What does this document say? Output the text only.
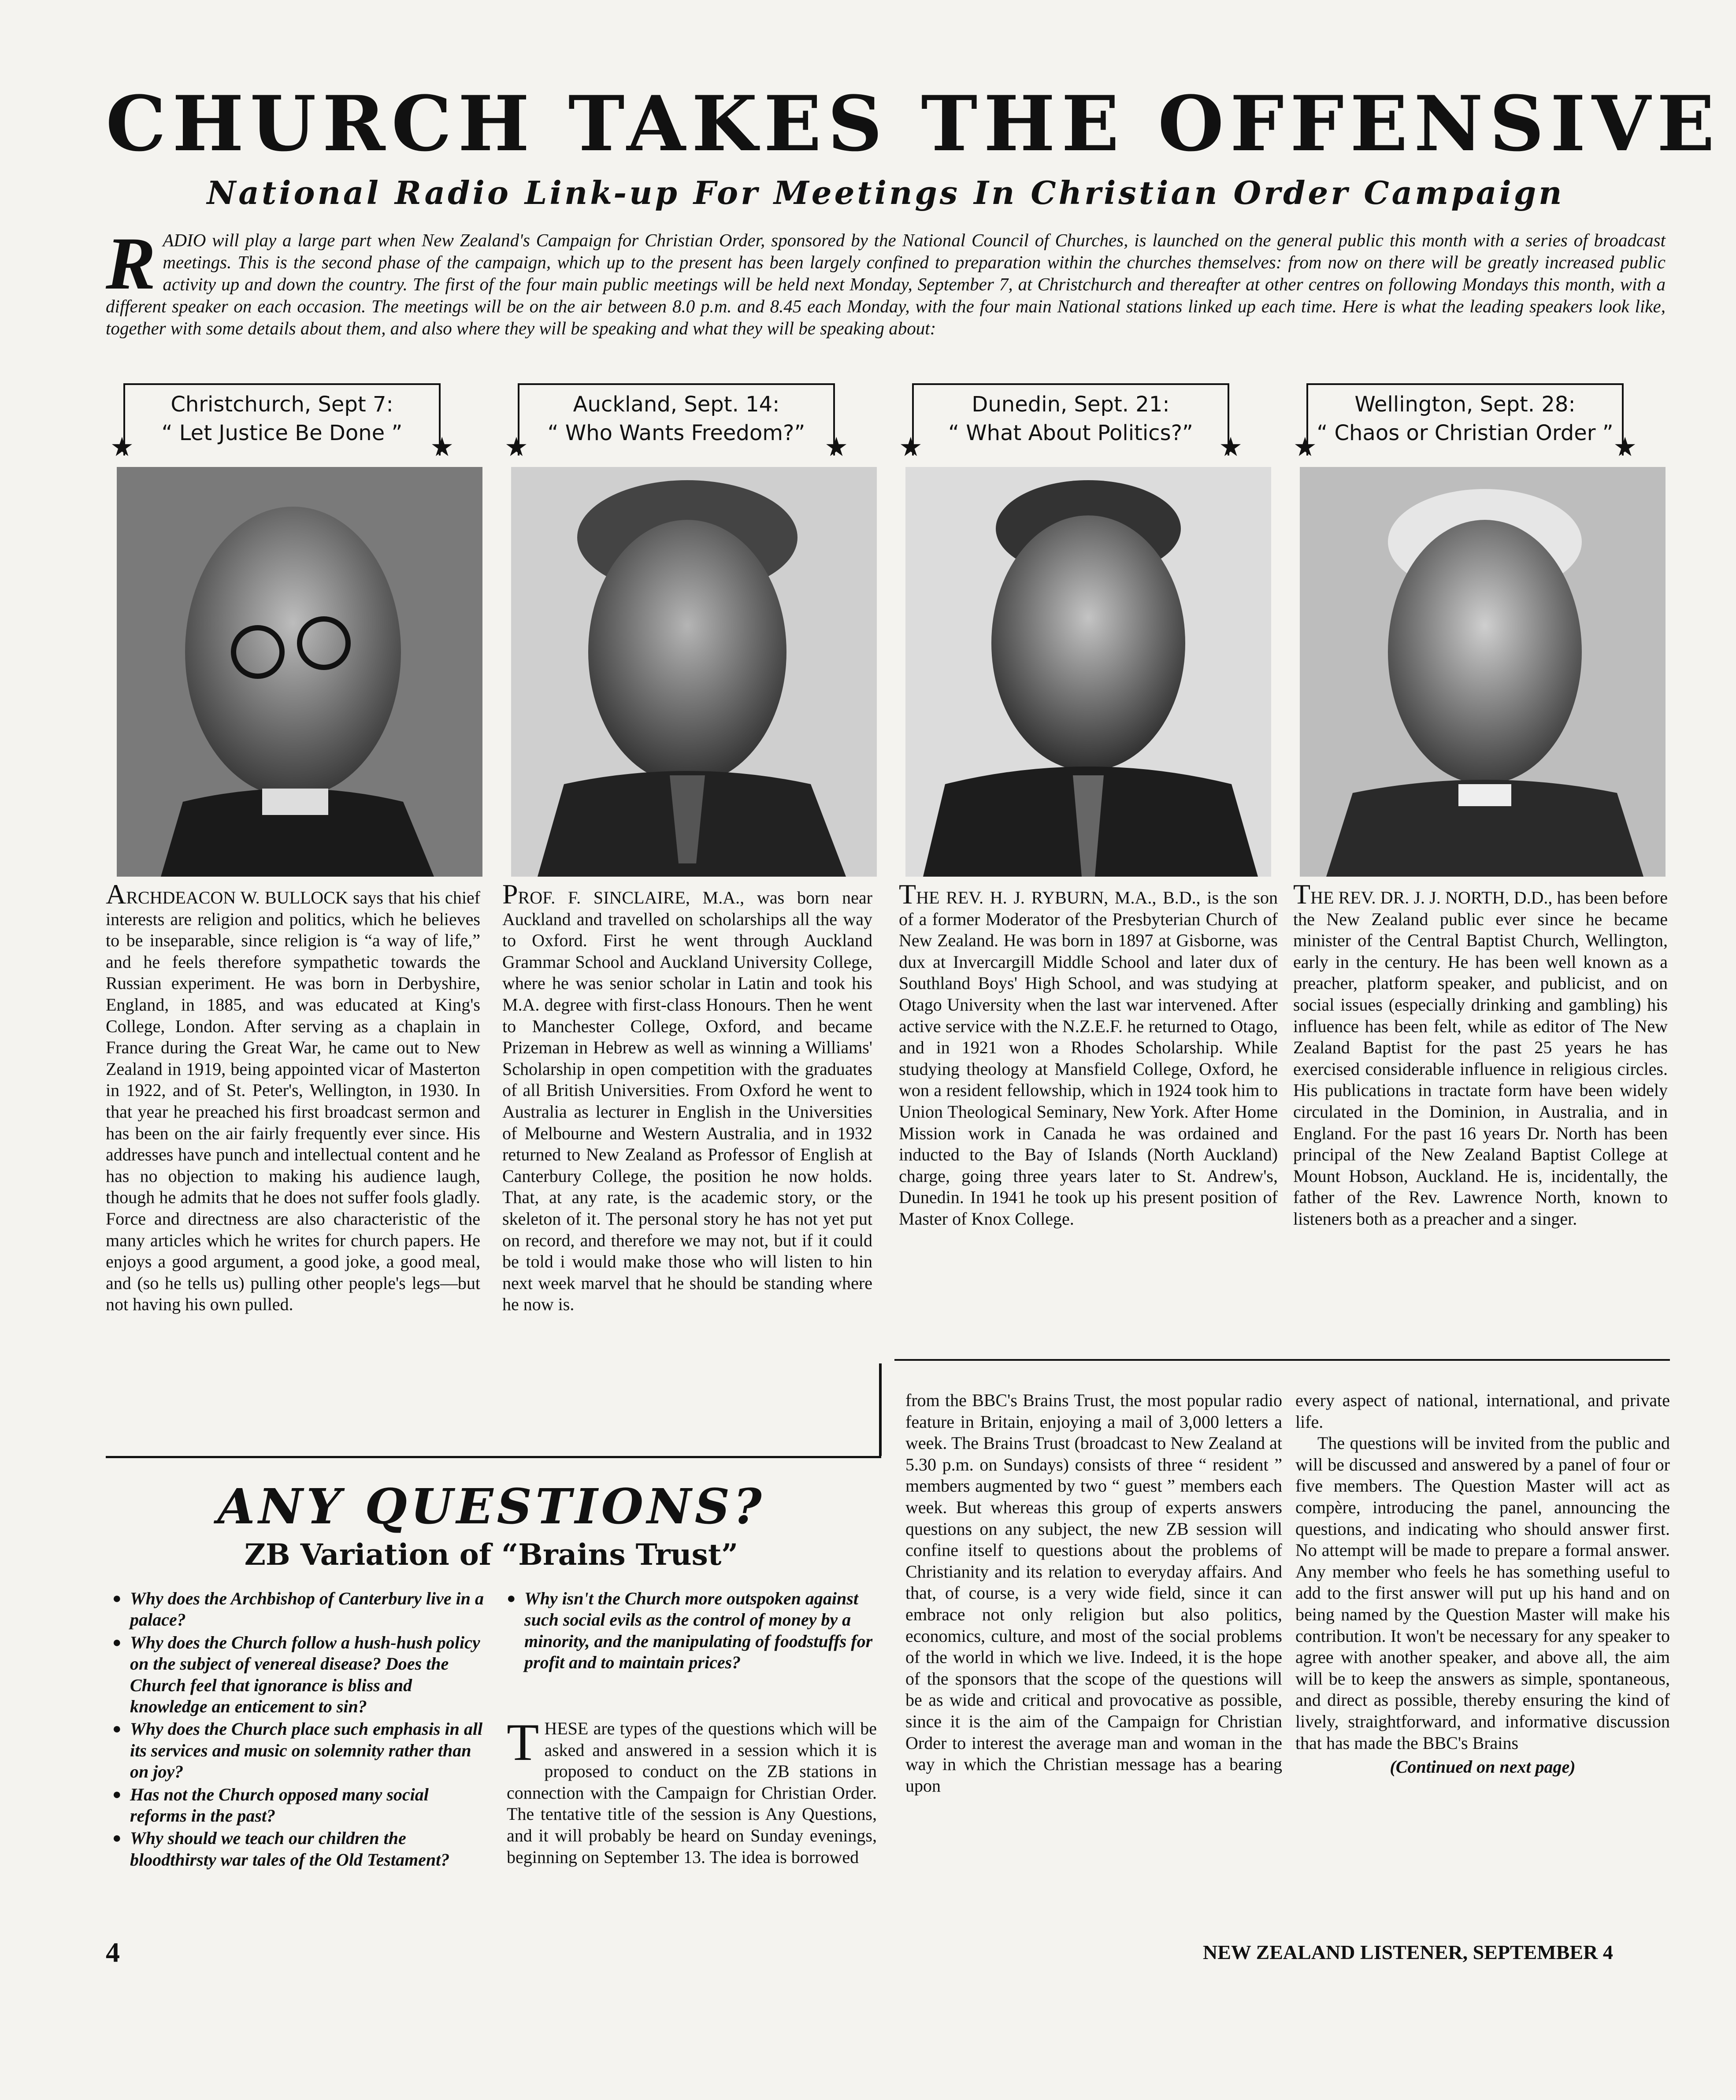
CHURCH TAKES THE OFFENSIVE
National Radio Link-up For Meetings In Christian Order Campaign
R ADIO will play a large part when New Zealand's Campaign for Christian Order, sponsored by the National Council of Churches, is launched on the general public this month with a series of broadcast meetings. This is the second phase of the campaign, which up to the present has been largely confined to preparation within the churches themselves: from now on there will be greatly increased public activity up and down the country. The first of the four main public meetings will be held next Monday, September 7, at Christchurch and thereafter at other centres on following Mondays this month, with a different speaker on each occasion. The meetings will be on the air between 8.0 p.m. and 8.45 each Monday, with the four main National stations linked up each time. Here is what the leading speakers look like, together with some details about them, and also where they will be speaking and what they will be speaking about:
Christchurch, Sept 7:
“ Let Justice Be Done ”
★	★
Auckland, Sept. 14:
“ Who Wants Freedom?”
★	★
Dunedin, Sept. 21:
“ What About Politics?”
★	★
Wellington, Sept. 28:
“ Chaos or Christian Order ”
★	★
ARCHDEACON W. BULLOCK says that his chief interests are religion and politics, which he believes to be inseparable, since religion is “a way of life,” and he feels therefore sympathetic towards the Russian experiment. He was born in Derbyshire, England, in 1885, and was educated at King's College, London. After serving as a chaplain in France during the Great War, he came out to New Zealand in 1919, being appointed vicar of Masterton in 1922, and of St. Peter's, Wellington, in 1930. In that year he preached his first broadcast sermon and has been on the air fairly frequently ever since. His addresses have punch and intellectual content and he has no objection to making his audience laugh, though he admits that he does not suffer fools gladly. Force and directness are also characteristic of the many articles which he writes for church papers. He enjoys a good argument, a good joke, a good meal, and (so he tells us) pulling other people's legs—but not having his own pulled.
PROF. F. SINCLAIRE, M.A., was born near Auckland and travelled on scholarships all the way to Oxford. First he went through Auckland Grammar School and Auckland University College, where he was senior scholar in Latin and took his M.A. degree with first-class Honours. Then he went to Manchester College, Oxford, and became Prizeman in Hebrew as well as winning a Williams' Scholarship in open competition with the graduates of all British Universities. From Oxford he went to Australia as lecturer in English in the Universities of Melbourne and Western Australia, and in 1932 returned to New Zealand as Professor of English at Canterbury College, the position he now holds. That, at any rate, is the academic story, or the skeleton of it. The personal story he has not yet put on record, and therefore we may not, but if it could be told i would make those who will listen to hin next week marvel that he should be standing where he now is.
THE REV. H. J. RYBURN, M.A., B.D., is the son of a former Moderator of the Presbyterian Church of New Zealand. He was born in 1897 at Gisborne, was dux at Invercargill Middle School and later dux of Southland Boys' High School, and was studying at Otago University when the last war intervened. After active service with the N.Z.E.F. he returned to Otago, and in 1921 won a Rhodes Scholarship. While studying theology at Mansfield College, Oxford, he won a resident fellowship, which in 1924 took him to Union Theological Seminary, New York. After Home Mission work in Canada he was ordained and inducted to the Bay of Islands (North Auckland) charge, going three years later to St. Andrew's, Dunedin. In 1941 he took up his present position of Master of Knox College.
THE REV. DR. J. J. NORTH, D.D., has been before the New Zealand public ever since he became minister of the Central Baptist Church, Wellington, early in the century. He has been well known as a preacher, platform speaker, and publicist, and on social issues (especially drinking and gambling) his influence has been felt, while as editor of The New Zealand Baptist for the past 25 years he has exercised considerable influence in religious circles. His publications in tractate form have been widely circulated in the Dominion, in Australia, and in England. For the past 16 years Dr. North has been principal of the New Zealand Baptist College at Mount Hobson, Auckland. He is, incidentally, the father of the Rev. Lawrence North, known to listeners both as a preacher and a singer.
ANY QUESTIONS?
ZB Variation of “Brains Trust”
● Why does the Archbishop of Canterbury live in a palace?
● Why does the Church follow a hush-hush policy on the subject of venereal disease? Does the Church feel that ignorance is bliss and knowledge an enticement to sin?
● Why does the Church place such emphasis in all its services and music on solemnity rather than on joy?
● Has not the Church opposed many social reforms in the past?
● Why should we teach our children the bloodthirsty war tales of the Old Testament?
● Why isn't the Church more outspoken against such social evils as the control of money by a minority, and the manipulating of foodstuffs for profit and to maintain prices?
THESE are types of the questions which will be asked and answered in a session which it is proposed to conduct on the ZB stations in connection with the Campaign for Christian Order. The tentative title of the session is Any Questions, and it will probably be heard on Sunday evenings, beginning on September 13. The idea is borrowed
from the BBC's Brains Trust, the most popular radio feature in Britain, enjoying a mail of 3,000 letters a week. The Brains Trust (broadcast to New Zealand at 5.30 p.m. on Sundays) consists of three “ resident ” members augmented by two “ guest ” members each week. But whereas this group of experts answers questions on any subject, the new ZB session will confine itself to questions about the problems of Christianity and its relation to everyday affairs. And that, of course, is a very wide field, since it can embrace not only religion but also politics, economics, culture, and most of the social problems of the world in which we live. Indeed, it is the hope of the sponsors that the scope of the questions will be as wide and critical and provocative as possible, since it is the aim of the Campaign for Christian Order to interest the average man and woman in the way in which the Christian message has a bearing upon
every aspect of national, international, and private life.
The questions will be invited from the public and will be discussed and answered by a panel of four or five members. The Question Master will act as compère, introducing the panel, announcing the questions, and indicating who should answer first. No attempt will be made to prepare a formal answer. Any member who feels he has something useful to add to the first answer will put up his hand and on being named by the Question Master will make his contribution. It won't be necessary for any speaker to agree with another speaker, and above all, the aim will be to keep the answers as simple, spontaneous, and direct as possible, thereby ensuring the kind of lively, straightforward, and informative discussion that has made the BBC's Brains
(Continued on next page)
4	NEW ZEALAND LISTENER, SEPTEMBER 4
